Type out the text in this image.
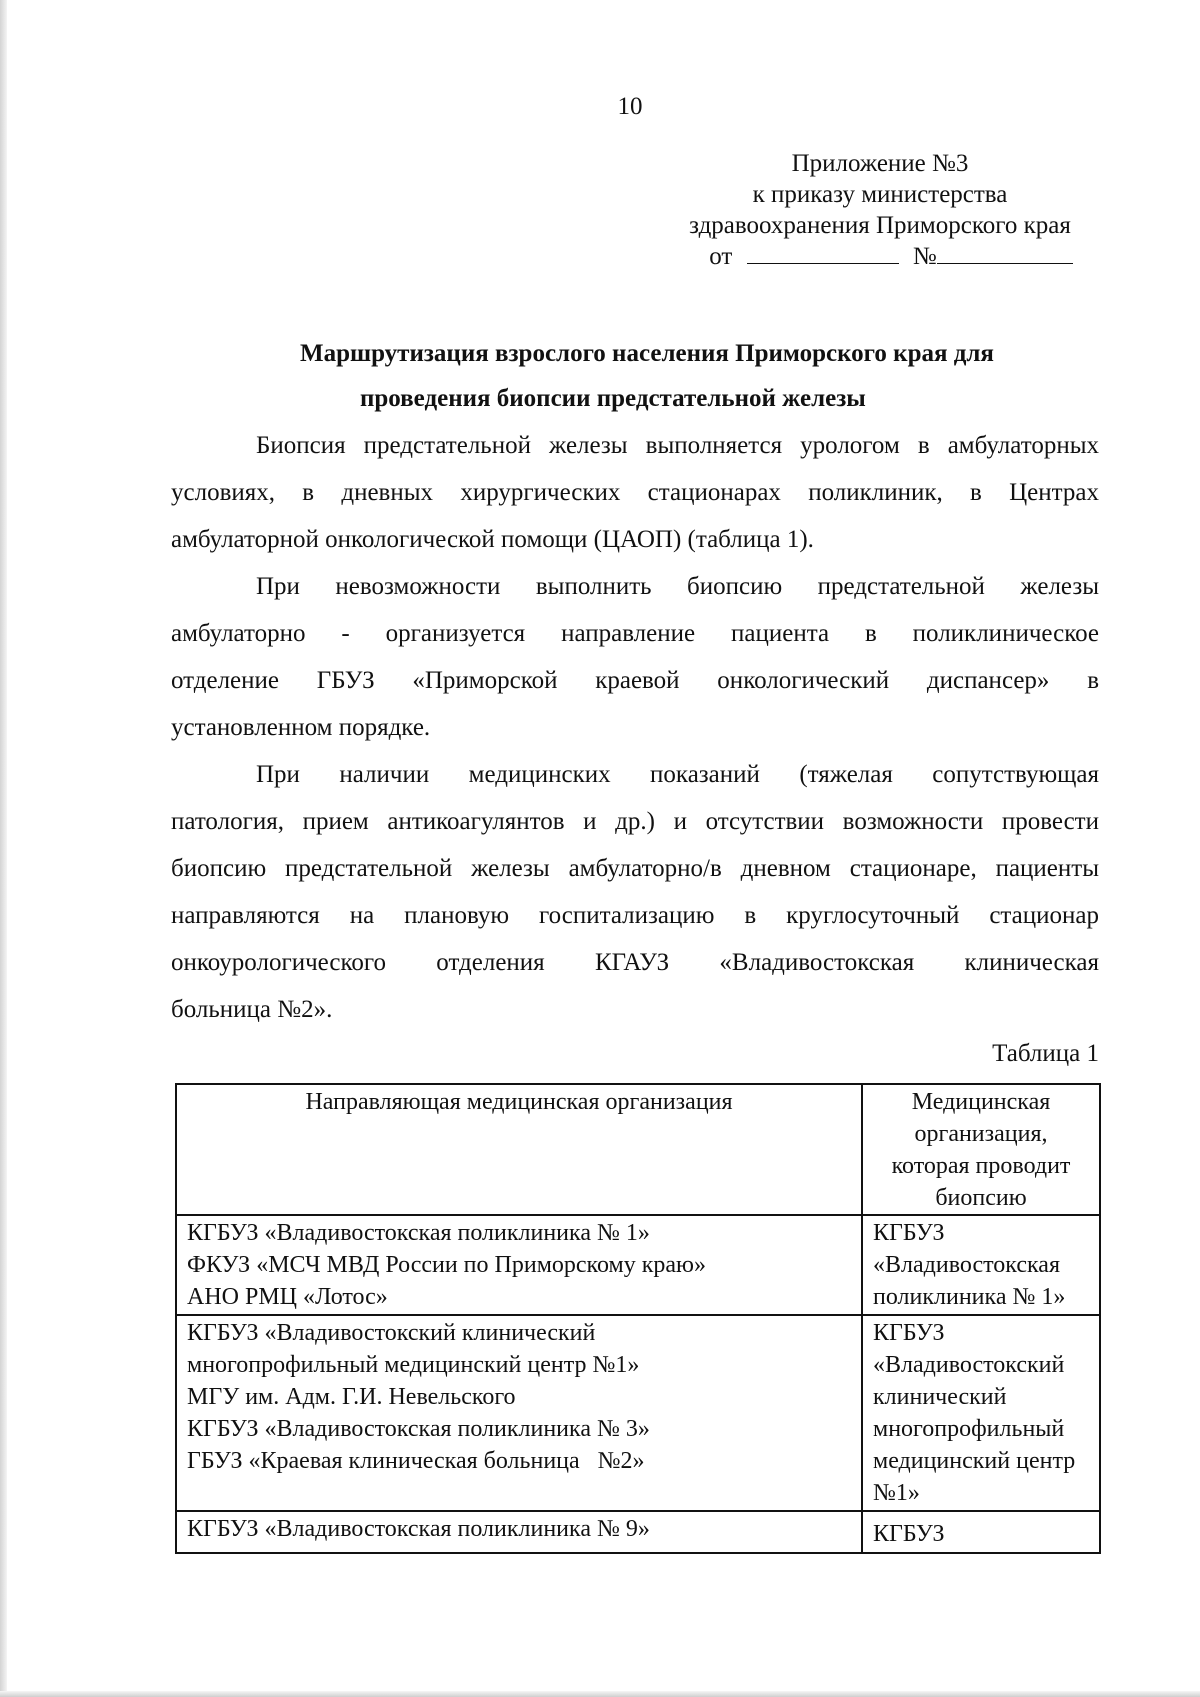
10
Приложение №3
к приказу министерства
здравоохранения Приморского края
от	№
Маршрутизация взрослого населения Приморского края для
проведения биопсии предстательной железы
Биопсия предстательной железы выполняется урологом в амбулаторных
условиях, в дневных хирургических стационарах поликлиник, в Центрах
амбулаторной онкологической помощи (ЦАОП) (таблица 1).
При невозможности выполнить биопсию предстательной железы
амбулаторно - организуется направление пациента в поликлиническое
отделение ГБУЗ «Приморской краевой онкологический диспансер» в
установленном порядке.
При наличии медицинских показаний (тяжелая сопутствующая
патология, прием антикоагулянтов и др.) и отсутствии возможности провести
биопсию предстательной железы амбулаторно/в дневном стационаре, пациенты
направляются на плановую госпитализацию в круглосуточный стационар
онкоурологического отделения КГАУЗ «Владивостокская клиническая
больница №2».
Таблица 1
Направляющая медицинская организация	Медицинская организация, которая проводит биопсию

КГБУЗ «Владивостокская поликлиника № 1»
ФКУЗ «МСЧ МВД России по Приморскому краю»
АНО РМЦ «Лотос»	КГБУЗ «Владивостокская поликлиника № 1»

КГБУЗ «Владивостокский клинический
многопрофильный медицинский центр №1»
МГУ им. Адм. Г.И. Невельского
КГБУЗ «Владивостокская поликлиника № 3»
ГБУЗ «Краевая клиническая больница   №2»	КГБУЗ «Владивостокский клинический многопрофильный медицинский центр №1»

КГБУЗ «Владивостокская поликлиника № 9»	КГБУЗ
